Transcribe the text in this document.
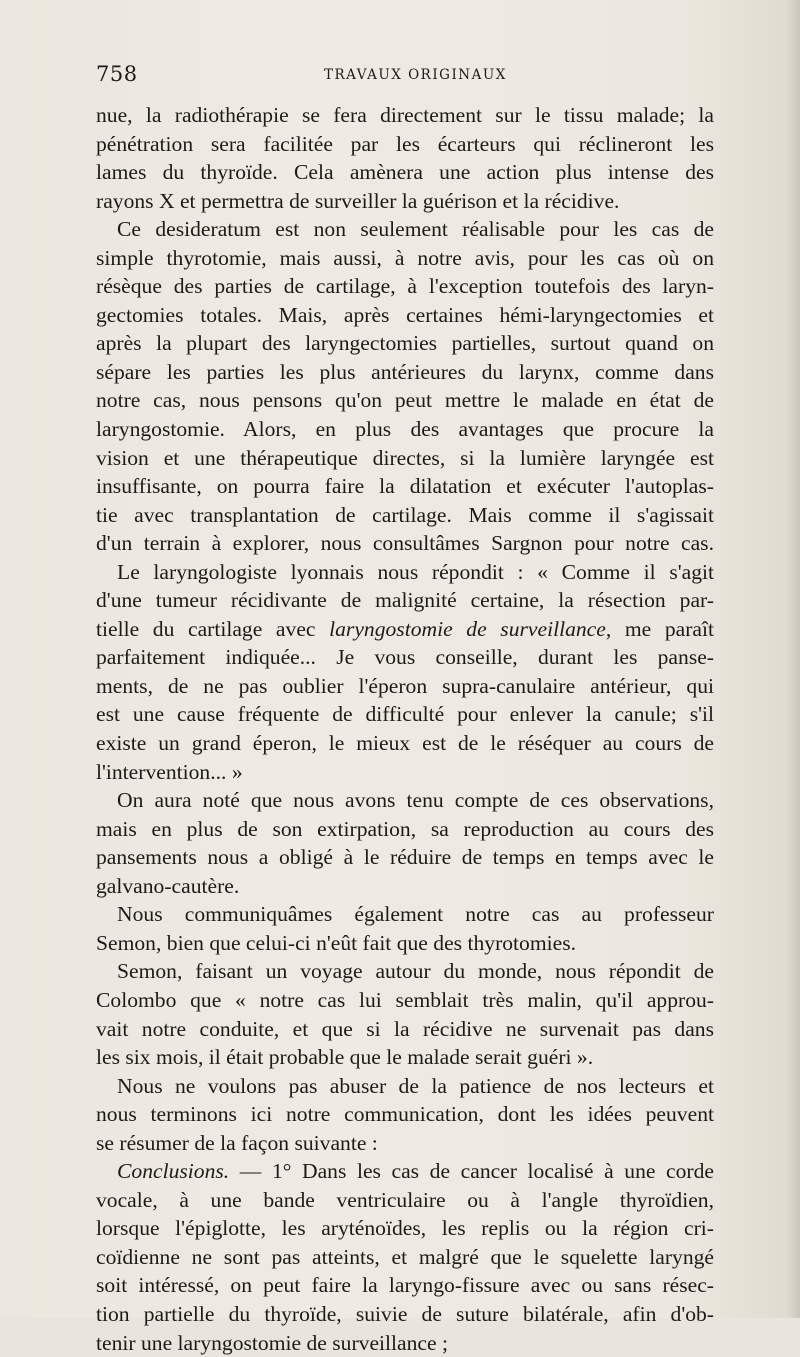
758	TRAVAUX ORIGINAUX
nue, la radiothérapie se fera directement sur le tissu malade; la
pénétration sera facilitée par les écarteurs qui réclineront les
lames du thyroïde. Cela amènera une action plus intense des
rayons X et permettra de surveiller la guérison et la récidive.
Ce desideratum est non seulement réalisable pour les cas de
simple thyrotomie, mais aussi, à notre avis, pour les cas où on
résèque des parties de cartilage, à l'exception toutefois des laryn-
gectomies totales. Mais, après certaines hémi-laryngectomies et
après la plupart des laryngectomies partielles, surtout quand on
sépare les parties les plus antérieures du larynx, comme dans
notre cas, nous pensons qu'on peut mettre le malade en état de
laryngostomie. Alors, en plus des avantages que procure la
vision et une thérapeutique directes, si la lumière laryngée est
insuffisante, on pourra faire la dilatation et exécuter l'autoplas-
tie avec transplantation de cartilage. Mais comme il s'agissait
d'un terrain à explorer, nous consultâmes Sargnon pour notre cas.
Le laryngologiste lyonnais nous répondit : « Comme il s'agit
d'une tumeur récidivante de malignité certaine, la résection par-
tielle du cartilage avec laryngostomie de surveillance, me paraît
parfaitement indiquée... Je vous conseille, durant les panse-
ments, de ne pas oublier l'éperon supra-canulaire antérieur, qui
est une cause fréquente de difficulté pour enlever la canule; s'il
existe un grand éperon, le mieux est de le réséquer au cours de
l'intervention... »
On aura noté que nous avons tenu compte de ces observations,
mais en plus de son extirpation, sa reproduction au cours des
pansements nous a obligé à le réduire de temps en temps avec le
galvano-cautère.
Nous communiquâmes également notre cas au professeur
Semon, bien que celui-ci n'eût fait que des thyrotomies.
Semon, faisant un voyage autour du monde, nous répondit de
Colombo que « notre cas lui semblait très malin, qu'il approu-
vait notre conduite, et que si la récidive ne survenait pas dans
les six mois, il était probable que le malade serait guéri ».
Nous ne voulons pas abuser de la patience de nos lecteurs et
nous terminons ici notre communication, dont les idées peuvent
se résumer de la façon suivante :
Conclusions. — 1° Dans les cas de cancer localisé à une corde
vocale, à une bande ventriculaire ou à l'angle thyroïdien,
lorsque l'épiglotte, les aryténoïdes, les replis ou la région cri-
coïdienne ne sont pas atteints, et malgré que le squelette laryngé
soit intéressé, on peut faire la laryngo-fissure avec ou sans résec-
tion partielle du thyroïde, suivie de suture bilatérale, afin d'ob-
tenir une laryngostomie de surveillance ;
